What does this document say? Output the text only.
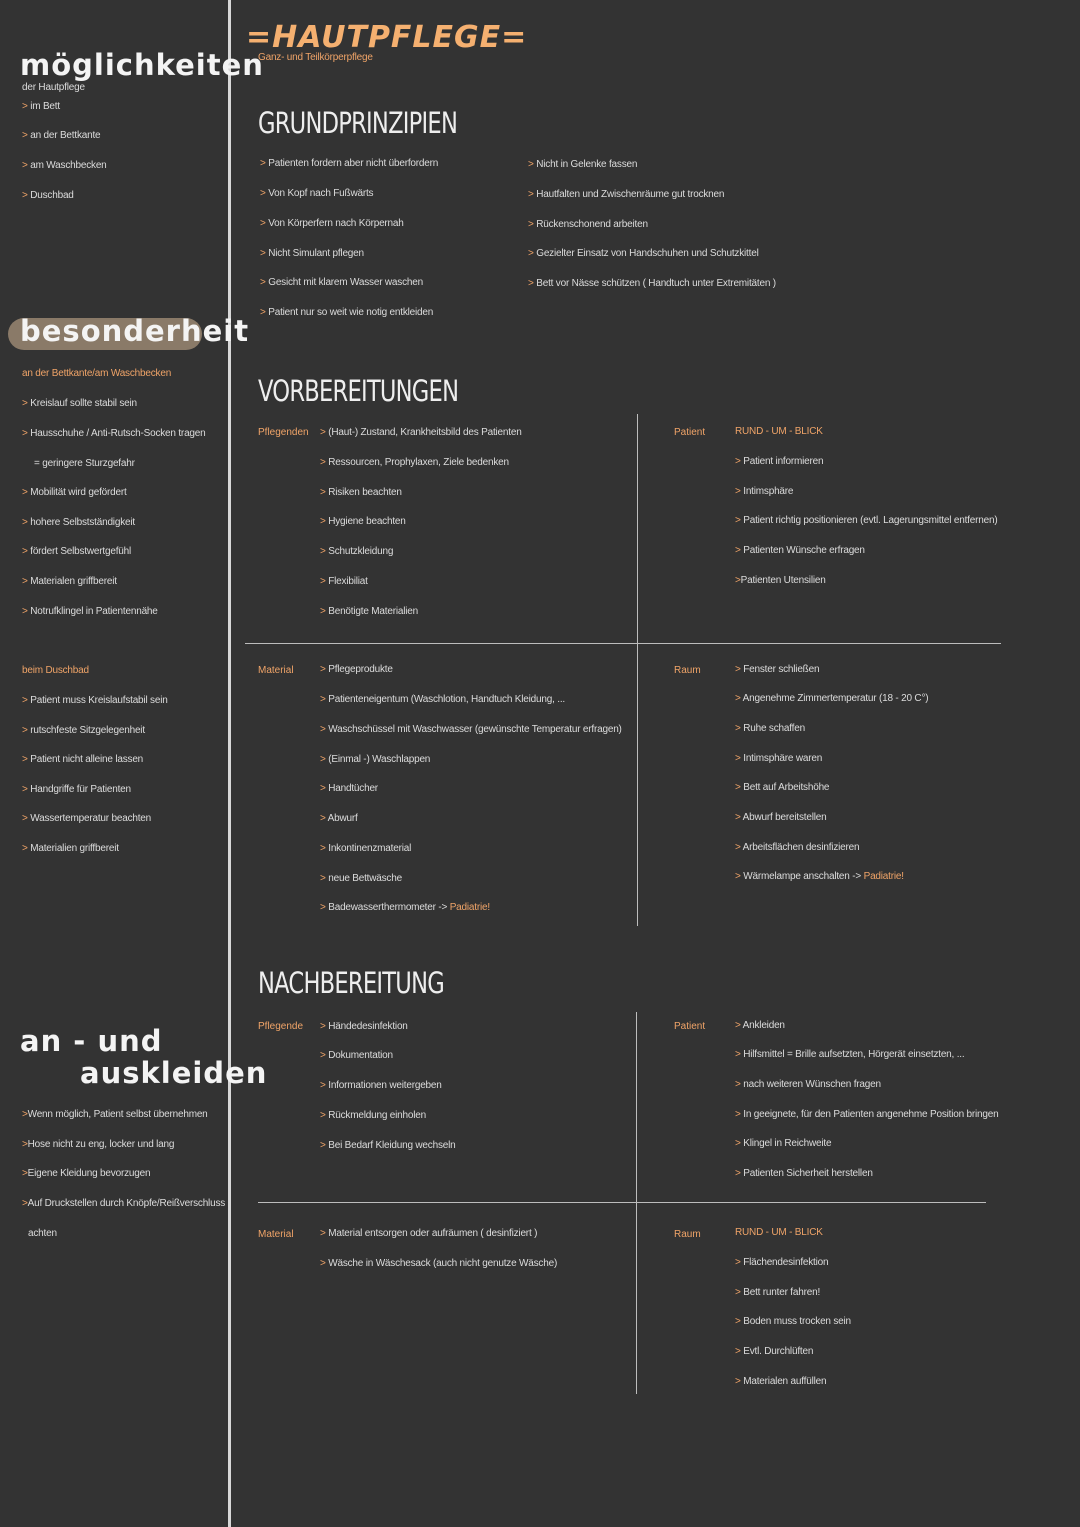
=HAUTPFLEGE=
Ganz- und Teilkörperpflege
möglichkeiten
der Hautpflege
> im Bett
> an der Bettkante
> am Waschbecken
> Duschbad
besonderheit
an der Bettkante/am Waschbecken
> Kreislauf sollte stabil sein
> Hausschuhe / Anti-Rutsch-Socken tragen
= geringere Sturzgefahr
> Mobilität wird gefördert
> hohere Selbstständigkeit
> fördert Selbstwertgefühl
> Materialen griffbereit
> Notrufklingel in Patientennähe
beim Duschbad
> Patient muss Kreislaufstabil sein
> rutschfeste Sitzgelegenheit
> Patient nicht alleine lassen
> Handgriffe für Patienten
> Wassertemperatur beachten
> Materialien griffbereit
an - und
auskleiden
>Wenn möglich, Patient selbst übernehmen
>Hose nicht zu eng, locker und lang
>Eigene Kleidung bevorzugen
>Auf Druckstellen durch Knöpfe/Reißverschluss
achten
GRUNDPRINZIPIEN
> Patienten fordern aber nicht überfordern
> Von Kopf nach Fußwärts
> Von Körperfern nach Körpernah
> Nicht Simulant pflegen
> Gesicht mit klarem Wasser waschen
> Patient nur so weit wie notig entkleiden
> Nicht in Gelenke fassen
> Hautfalten und Zwischenräume gut trocknen
> Rückenschonend arbeiten
> Gezielter Einsatz von Handschuhen und Schutzkittel
> Bett vor Nässe schützen ( Handtuch unter Extremitäten )
VORBEREITUNGEN
Pflegenden > (Haut-) Zustand, Krankheitsbild des Patienten
> Ressourcen, Prophylaxen, Ziele bedenken
> Risiken beachten
> Hygiene beachten
> Schutzkleidung
> Flexibiliat
> Benötigte Materialien
Patient	RUND - UM - BLICK
> Patient informieren
> Intimsphäre
> Patient richtig positionieren (evtl. Lagerungsmittel entfernen)
> Patienten Wünsche erfragen
>Patienten Utensilien
Material	> Pflegeprodukte
> Patienteneigentum (Waschlotion, Handtuch Kleidung, ...
> Waschschüssel mit Waschwasser (gewünschte Temperatur erfragen)
> (Einmal -) Waschlappen
> Handtücher
> Abwurf
> Inkontinenzmaterial
> neue Bettwäsche
> Badewasserthermometer -> Padiatrie!
Raum	> Fenster schließen
> Angenehme Zimmertemperatur (18 - 20 C°)
> Ruhe schaffen
> Intimsphäre waren
> Bett auf Arbeitshöhe
> Abwurf bereitstellen
> Arbeitsflächen desinfizieren
> Wärmelampe anschalten -> Padiatrie!
NACHBEREITUNG
Pflegende > Händedesinfektion
> Dokumentation
> Informationen weitergeben
> Rückmeldung einholen
> Bei Bedarf Kleidung wechseln
Patient	> Ankleiden
> Hilfsmittel = Brille aufsetzten, Hörgerät einsetzten, ...
> nach weiteren Wünschen fragen
> In geeignete, für den Patienten angenehme Position bringen
> Klingel in Reichweite
> Patienten Sicherheit herstellen
Material	> Material entsorgen oder aufräumen ( desinfiziert )
> Wäsche in Wäschesack (auch nicht genutze Wäsche)
Raum	RUND - UM - BLICK
> Flächendesinfektion
> Bett runter fahren!
> Boden muss trocken sein
> Evtl. Durchlüften
> Materialen auffüllen
